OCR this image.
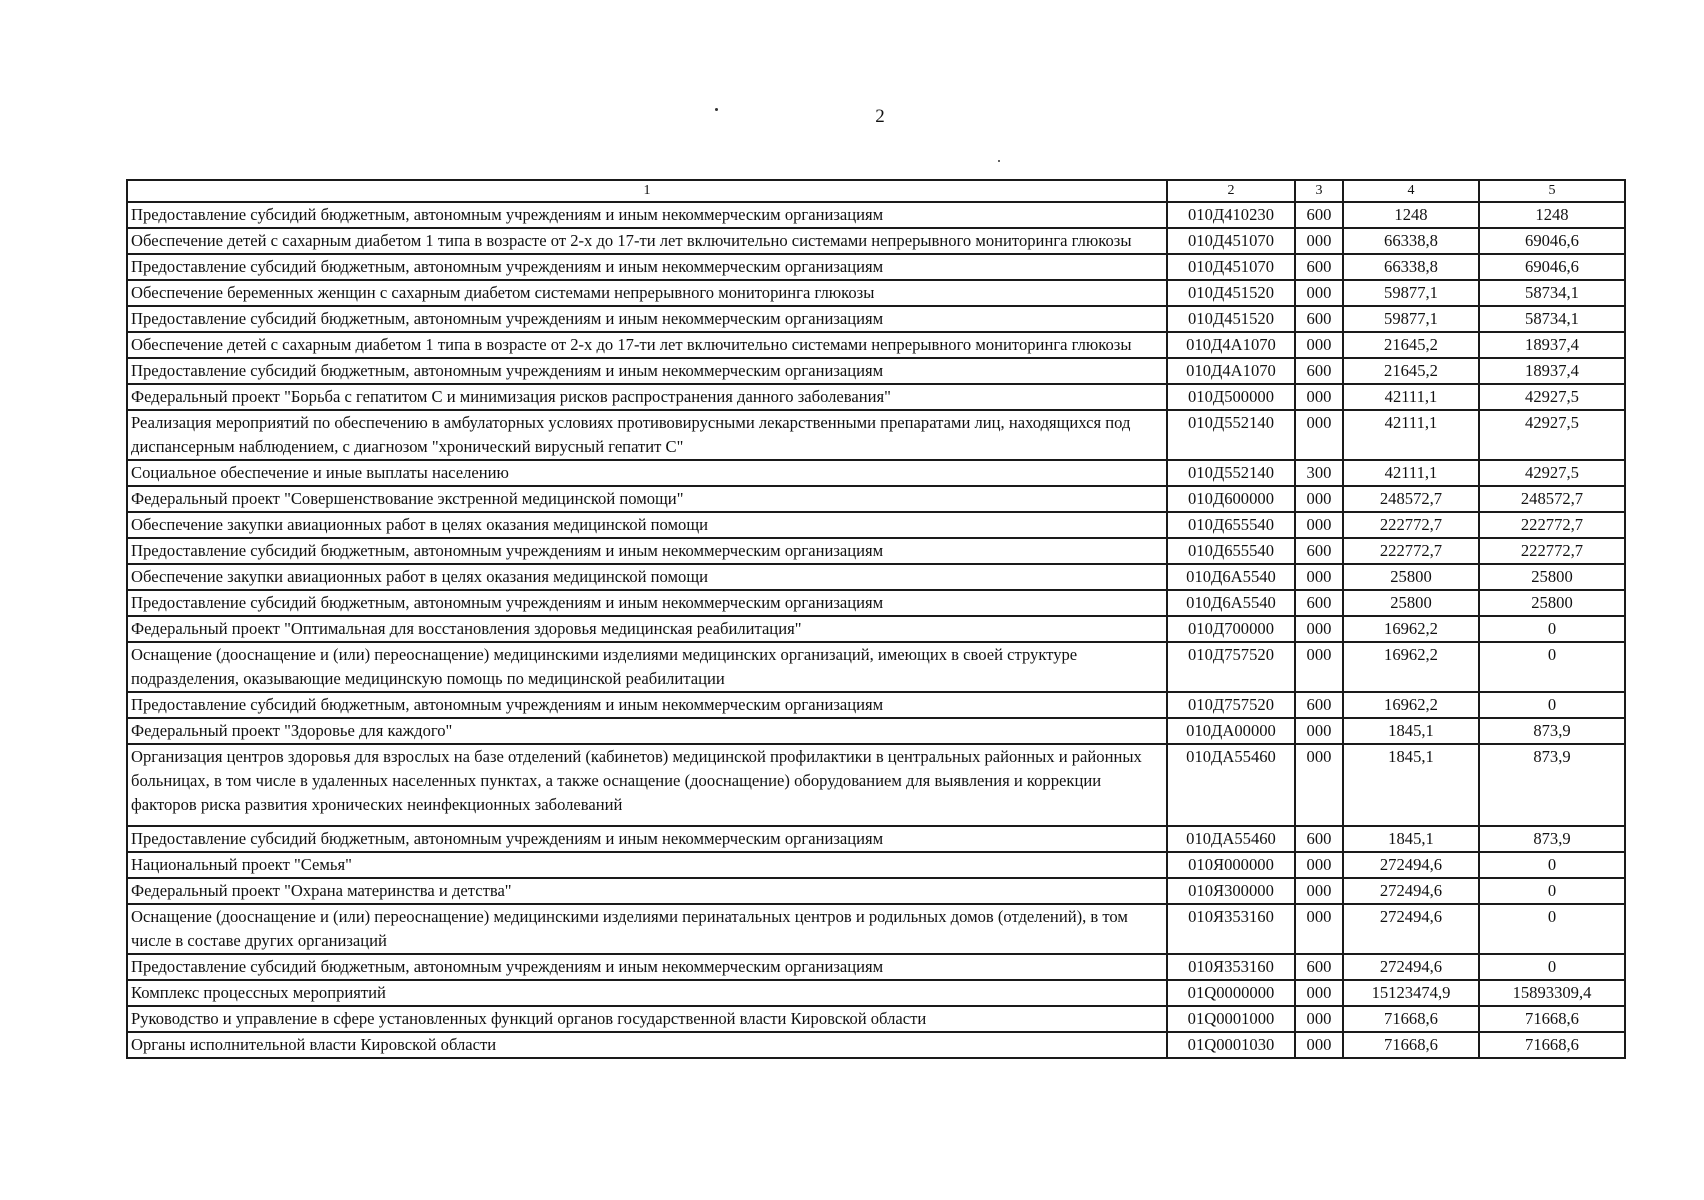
2
1	2	3	4	5
Предоставление субсидий бюджетным, автономным учреждениям и иным некоммерческим организациям	010Д410230	600	1248	1248
Обеспечение детей с сахарным диабетом 1 типа в возрасте от 2-х до 17-ти лет включительно системами непрерывного мониторинга глюкозы	010Д451070	000	66338,8	69046,6
Предоставление субсидий бюджетным, автономным учреждениям и иным некоммерческим организациям	010Д451070	600	66338,8	69046,6
Обеспечение беременных женщин с сахарным диабетом системами непрерывного мониторинга глюкозы	010Д451520	000	59877,1	58734,1
Предоставление субсидий бюджетным, автономным учреждениям и иным некоммерческим организациям	010Д451520	600	59877,1	58734,1
Обеспечение детей с сахарным диабетом 1 типа в возрасте от 2-х до 17-ти лет включительно системами непрерывного мониторинга глюкозы	010Д4А1070	000	21645,2	18937,4
Предоставление субсидий бюджетным, автономным учреждениям и иным некоммерческим организациям	010Д4А1070	600	21645,2	18937,4
Федеральный проект "Борьба с гепатитом С и минимизация рисков распространения данного заболевания"	010Д500000	000	42111,1	42927,5
Реализация мероприятий по обеспечению в амбулаторных условиях противовирусными лекарственными препаратами лиц, находящихся под диспансерным наблюдением, с диагнозом "хронический вирусный гепатит С"	010Д552140	000	42111,1	42927,5
Социальное обеспечение и иные выплаты населению	010Д552140	300	42111,1	42927,5
Федеральный проект "Совершенствование экстренной медицинской помощи"	010Д600000	000	248572,7	248572,7
Обеспечение закупки авиационных работ в целях оказания медицинской помощи	010Д655540	000	222772,7	222772,7
Предоставление субсидий бюджетным, автономным учреждениям и иным некоммерческим организациям	010Д655540	600	222772,7	222772,7
Обеспечение закупки авиационных работ в целях оказания медицинской помощи	010Д6А5540	000	25800	25800
Предоставление субсидий бюджетным, автономным учреждениям и иным некоммерческим организациям	010Д6А5540	600	25800	25800
Федеральный проект "Оптимальная для восстановления здоровья медицинская реабилитация"	010Д700000	000	16962,2	0
Оснащение (дооснащение и (или) переоснащение) медицинскими изделиями медицинских организаций, имеющих в своей структуре подразделения, оказывающие медицинскую помощь по медицинской реабилитации	010Д757520	000	16962,2	0
Предоставление субсидий бюджетным, автономным учреждениям и иным некоммерческим организациям	010Д757520	600	16962,2	0
Федеральный проект "Здоровье для каждого"	010ДА00000	000	1845,1	873,9
Организация центров здоровья для взрослых на базе отделений (кабинетов) медицинской профилактики в центральных районных и районных больницах, в том числе в удаленных населенных пунктах, а также оснащение (дооснащение) оборудованием для выявления и коррекции факторов риска развития хронических неинфекционных заболеваний	010ДА55460	000	1845,1	873,9
Предоставление субсидий бюджетным, автономным учреждениям и иным некоммерческим организациям	010ДА55460	600	1845,1	873,9
Национальный проект "Семья"	010Я000000	000	272494,6	0
Федеральный проект "Охрана материнства и детства"	010Я300000	000	272494,6	0
Оснащение (дооснащение и (или) переоснащение) медицинскими изделиями перинатальных центров и родильных домов (отделений), в том числе в составе других организаций	010Я353160	000	272494,6	0
Предоставление субсидий бюджетным, автономным учреждениям и иным некоммерческим организациям	010Я353160	600	272494,6	0
Комплекс процессных мероприятий	01Q0000000	000	15123474,9	15893309,4
Руководство и управление в сфере установленных функций органов государственной власти Кировской области	01Q0001000	000	71668,6	71668,6
Органы исполнительной власти Кировской области	01Q0001030	000	71668,6	71668,6
